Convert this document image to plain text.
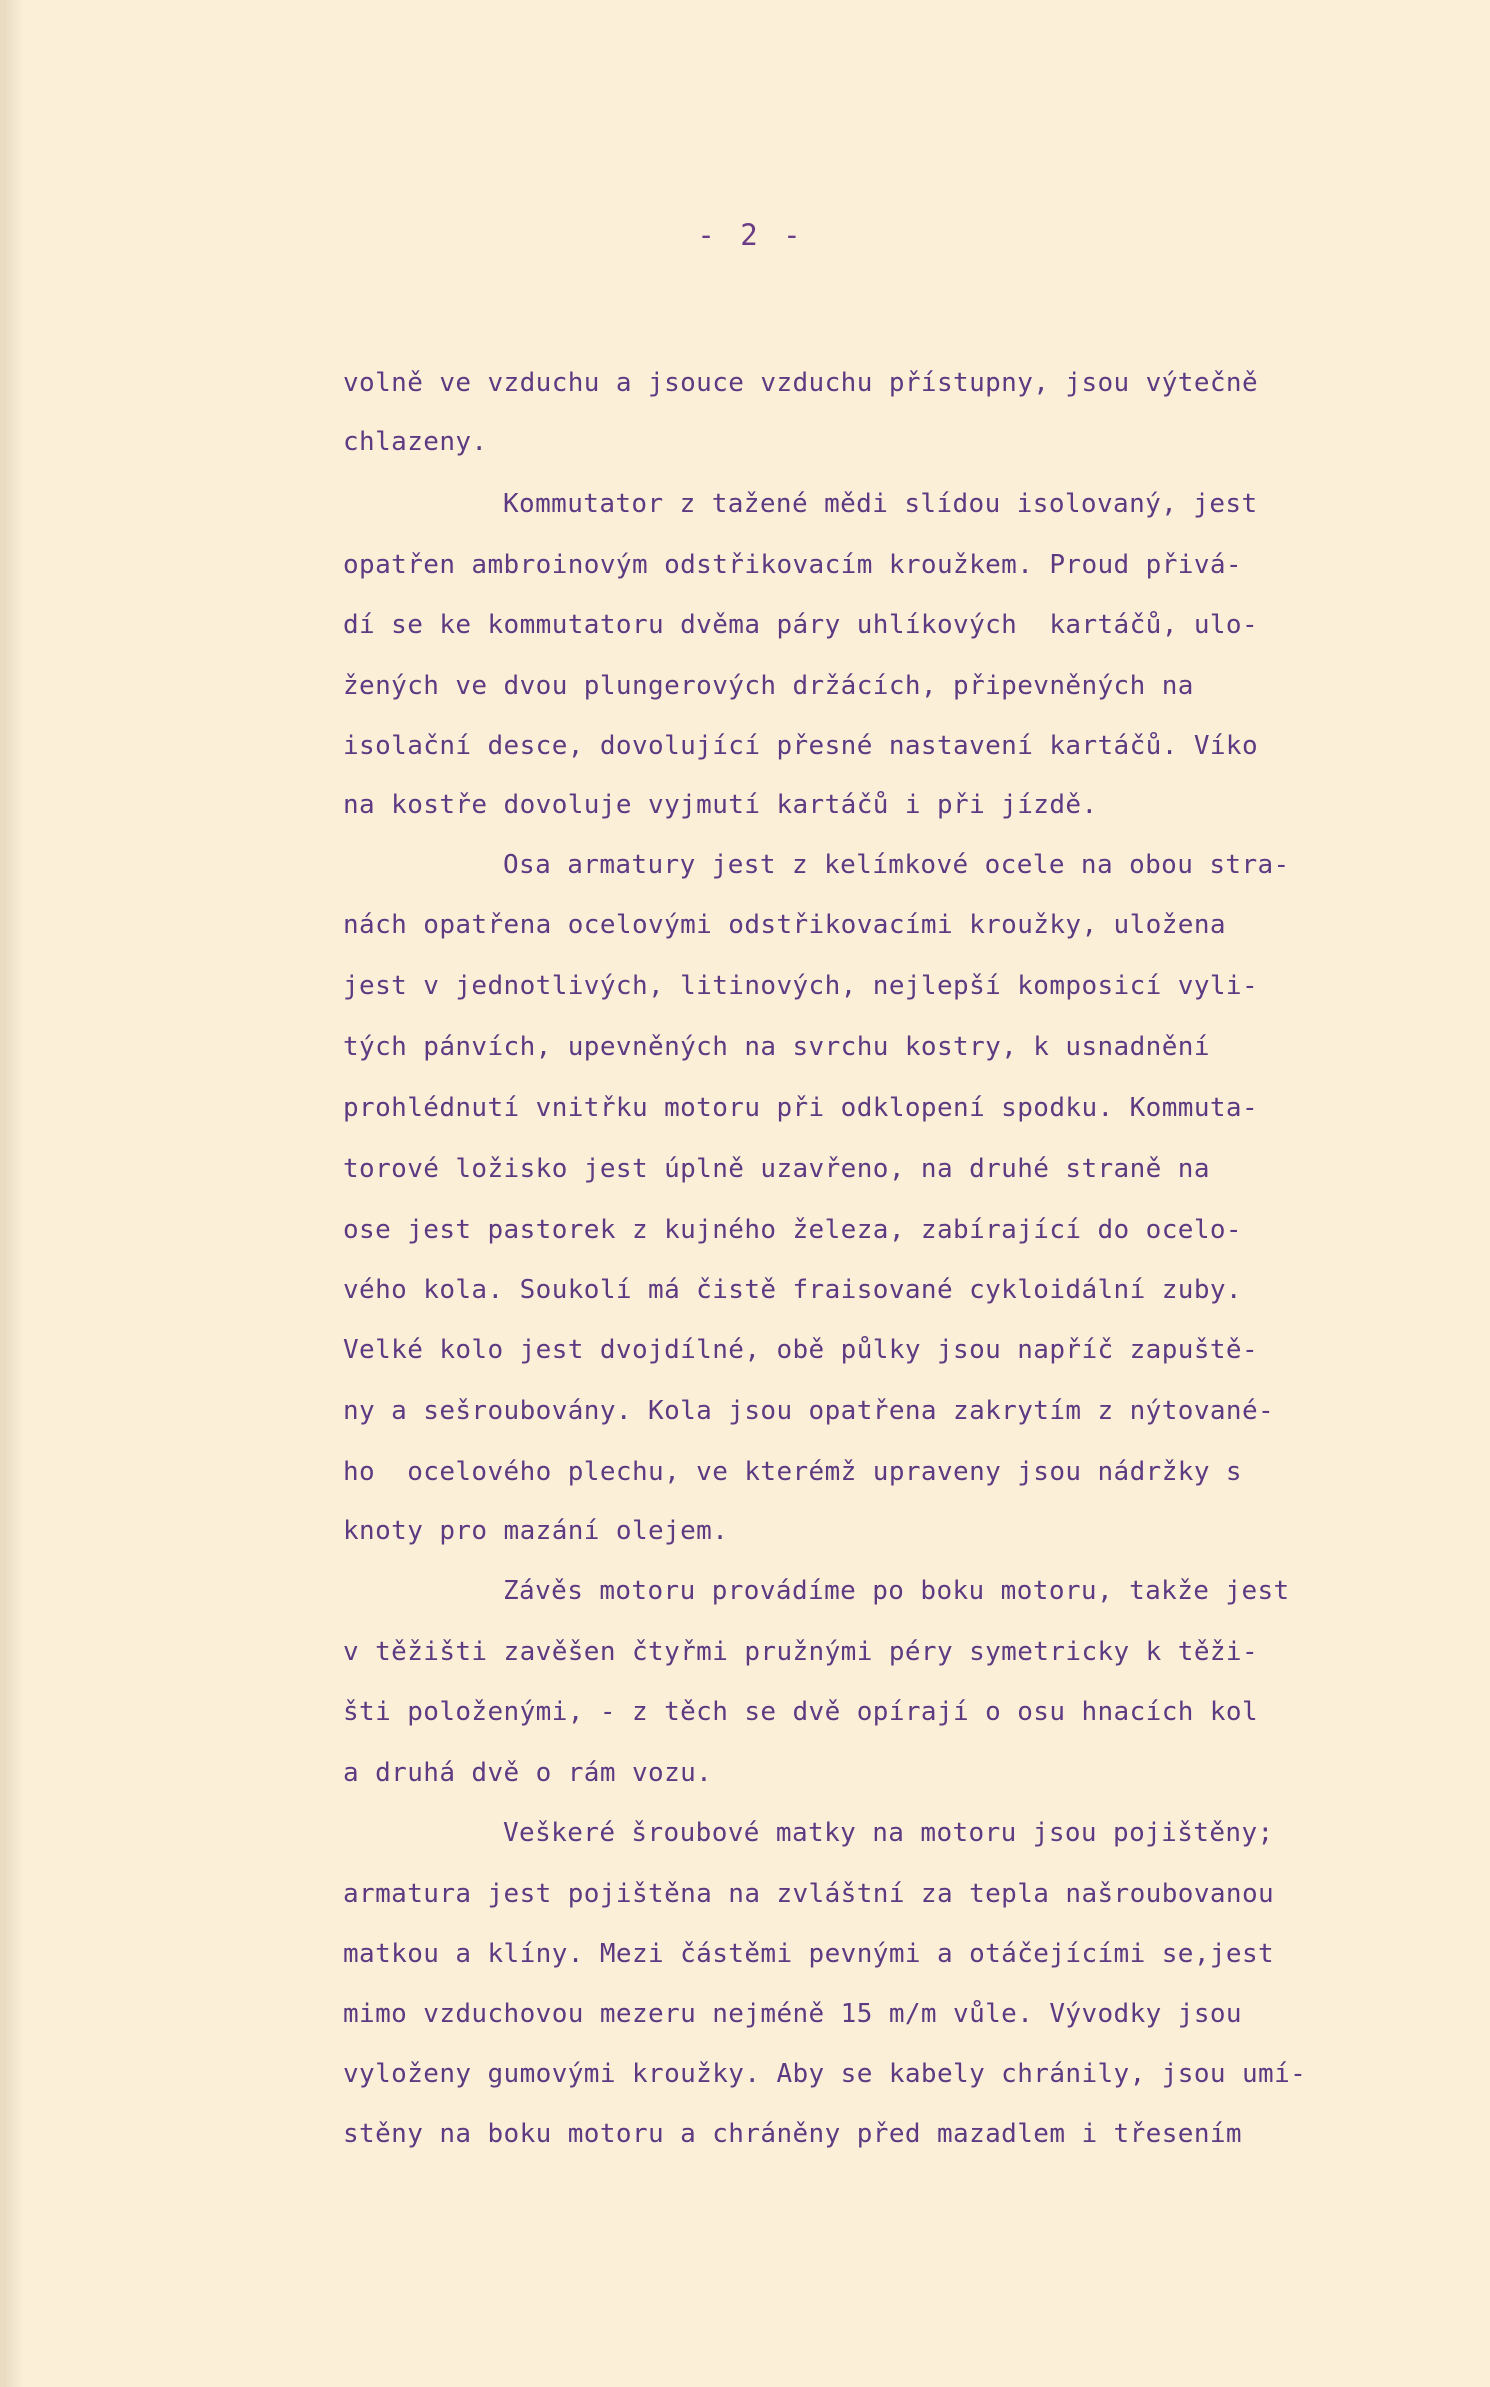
- 2 -
volně ve vzduchu a jsouce vzduchu přístupny, jsou výtečně
chlazeny.
Kommutator z tažené mědi slídou isolovaný, jest
opatřen ambroinovým odstřikovacím kroužkem. Proud přivá-
dí se ke kommutatoru dvěma páry uhlíkových  kartáčů, ulo-
žených ve dvou plungerových držácích, připevněných na
isolační desce, dovolující přesné nastavení kartáčů. Víko
na kostře dovoluje vyjmutí kartáčů i při jízdě.
Osa armatury jest z kelímkové ocele na obou stra-
nách opatřena ocelovými odstřikovacími kroužky, uložena
jest v jednotlivých, litinových, nejlepší komposicí vyli-
tých pánvích, upevněných na svrchu kostry, k usnadnění
prohlédnutí vnitřku motoru při odklopení spodku. Kommuta-
torové ložisko jest úplně uzavřeno, na druhé straně na
ose jest pastorek z kujného železa, zabírající do ocelo-
vého kola. Soukolí má čistě fraisované cykloidální zuby.
Velké kolo jest dvojdílné, obě půlky jsou napříč zapuště-
ny a sešroubovány. Kola jsou opatřena zakrytím z nýtované-
ho  ocelového plechu, ve kterémž upraveny jsou nádržky s
knoty pro mazání olejem.
Závěs motoru provádíme po boku motoru, takže jest
v těžišti zavěšen čtyřmi pružnými péry symetricky k těži-
šti položenými, - z těch se dvě opírají o osu hnacích kol
a druhá dvě o rám vozu.
Veškeré šroubové matky na motoru jsou pojištěny;
armatura jest pojištěna na zvláštní za tepla našroubovanou
matkou a klíny. Mezi částěmi pevnými a otáčejícími se,jest
mimo vzduchovou mezeru nejméně 15 m/m vůle. Vývodky jsou
vyloženy gumovými kroužky. Aby se kabely chránily, jsou umí-
stěny na boku motoru a chráněny před mazadlem i třesením
